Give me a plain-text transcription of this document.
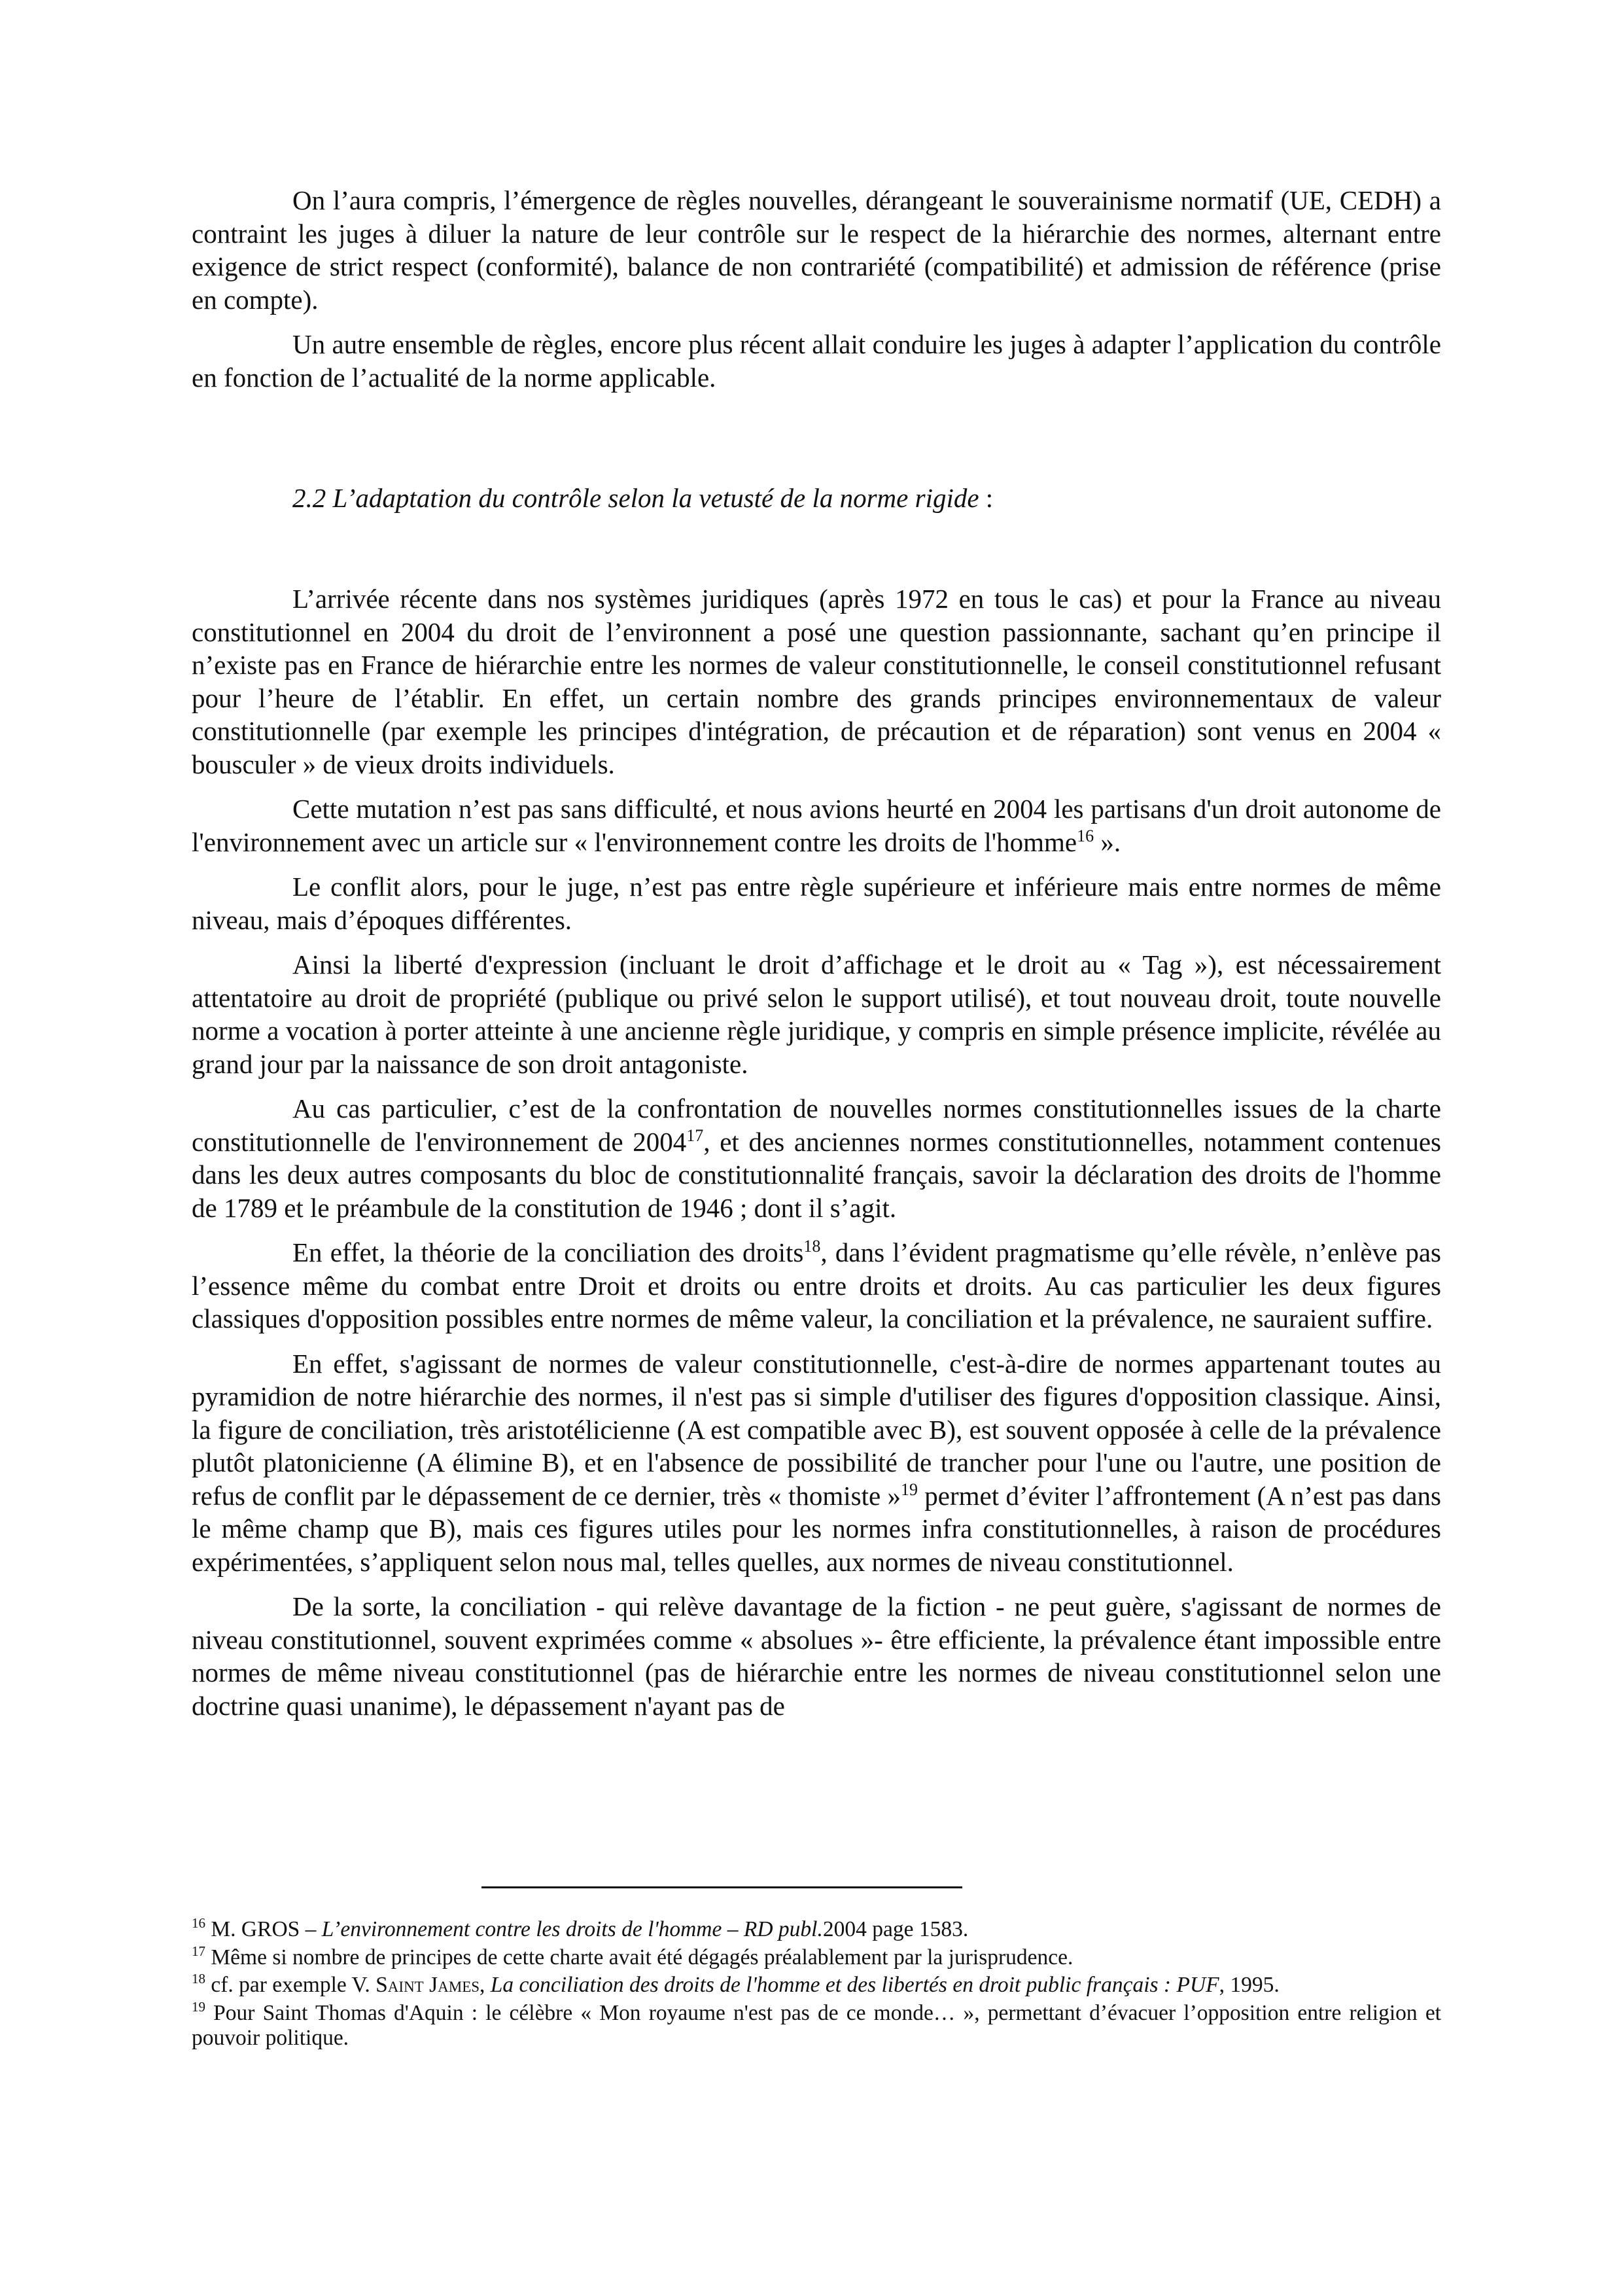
On l’aura compris, l’émergence de règles nouvelles, dérangeant le souverainisme normatif (UE, CEDH) a contraint les juges à diluer la nature de leur contrôle sur le respect de la hiérarchie des normes, alternant entre exigence de strict respect (conformité), balance de non contrariété (compatibilité) et admission de référence (prise en compte).

Un autre ensemble de règles, encore plus récent allait conduire les juges à adapter l’application du contrôle en fonction de l’actualité de la norme applicable.

2.2 L’adaptation du contrôle selon la vetusté de la norme rigide :

L’arrivée récente dans nos systèmes juridiques (après 1972 en tous le cas) et pour la France au niveau constitutionnel en 2004 du droit de l’environnent a posé une question passionnante, sachant qu’en principe il n’existe pas en France de hiérarchie entre les normes de valeur constitutionnelle, le conseil constitutionnel refusant pour l’heure de l’établir. En effet, un certain nombre des grands principes environnementaux de valeur constitutionnelle (par exemple les principes d'intégration, de précaution et de réparation) sont venus en 2004 « bousculer » de vieux droits individuels.

Cette mutation n’est pas sans difficulté, et nous avions heurté en 2004 les partisans d'un droit autonome de l'environnement avec un article sur « l'environnement contre les droits de l'homme$^{16}$ ».

Le conflit alors, pour le juge, n’est pas entre règle supérieure et inférieure mais entre normes de même niveau, mais d’époques différentes.

Ainsi la liberté d'expression (incluant le droit d’affichage et le droit au « Tag »), est nécessairement attentatoire au droit de propriété (publique ou privé selon le support utilisé), et tout nouveau droit, toute nouvelle norme a vocation à porter atteinte à une ancienne règle juridique, y compris en simple présence implicite, révélée au grand jour par la naissance de son droit antagoniste.

Au cas particulier, c’est de la confrontation de nouvelles normes constitutionnelles issues de la charte constitutionnelle de l'environnement de 2004$^{17}$, et des anciennes normes constitutionnelles, notamment contenues dans les deux autres composants du bloc de constitutionnalité français, savoir la déclaration des droits de l'homme de 1789 et le préambule de la constitution de 1946 ; dont il s’agit.

En effet, la théorie de la conciliation des droits$^{18}$, dans l’évident pragmatisme qu’elle révèle, n’enlève pas l’essence même du combat entre Droit et droits ou entre droits et droits. Au cas particulier les deux figures classiques d'opposition possibles entre normes de même valeur, la conciliation et la prévalence, ne sauraient suffire.

En effet, s'agissant de normes de valeur constitutionnelle, c'est-à-dire de normes appartenant toutes au pyramidion de notre hiérarchie des normes, il n'est pas si simple d'utiliser des figures d'opposition classique. Ainsi, la figure de conciliation, très aristotélicienne (A est compatible avec B), est souvent opposée à celle de la prévalence plutôt platonicienne (A élimine B), et en l'absence de possibilité de trancher pour l'une ou l'autre, une position de refus de conflit par le dépassement de ce dernier, très « thomiste »$^{19}$ permet d’éviter l’affrontement (A n’est pas dans le même champ que B), mais ces figures utiles pour les normes infra constitutionnelles, à raison de procédures expérimentées, s’appliquent selon nous mal, telles quelles, aux normes de niveau constitutionnel.

De la sorte, la conciliation - qui relève davantage de la fiction - ne peut guère, s'agissant de normes de niveau constitutionnel, souvent exprimées comme « absolues »- être efficiente, la prévalence étant impossible entre normes de même niveau constitutionnel (pas de hiérarchie entre les normes de niveau constitutionnel selon une doctrine quasi unanime), le dépassement n'ayant pas de

$^{16}$ M. GROS – L’environnement contre les droits de l'homme – RD publ.2004 page 1583.
$^{17}$ Même si nombre de principes de cette charte avait été dégagés préalablement par la jurisprudence.
$^{18}$ cf. par exemple V. Saint James, La conciliation des droits de l'homme et des libertés en droit public français : PUF, 1995.
$^{19}$ Pour Saint Thomas d'Aquin : le célèbre « Mon royaume n'est pas de ce monde… », permettant d’évacuer l’opposition entre religion et pouvoir politique.
